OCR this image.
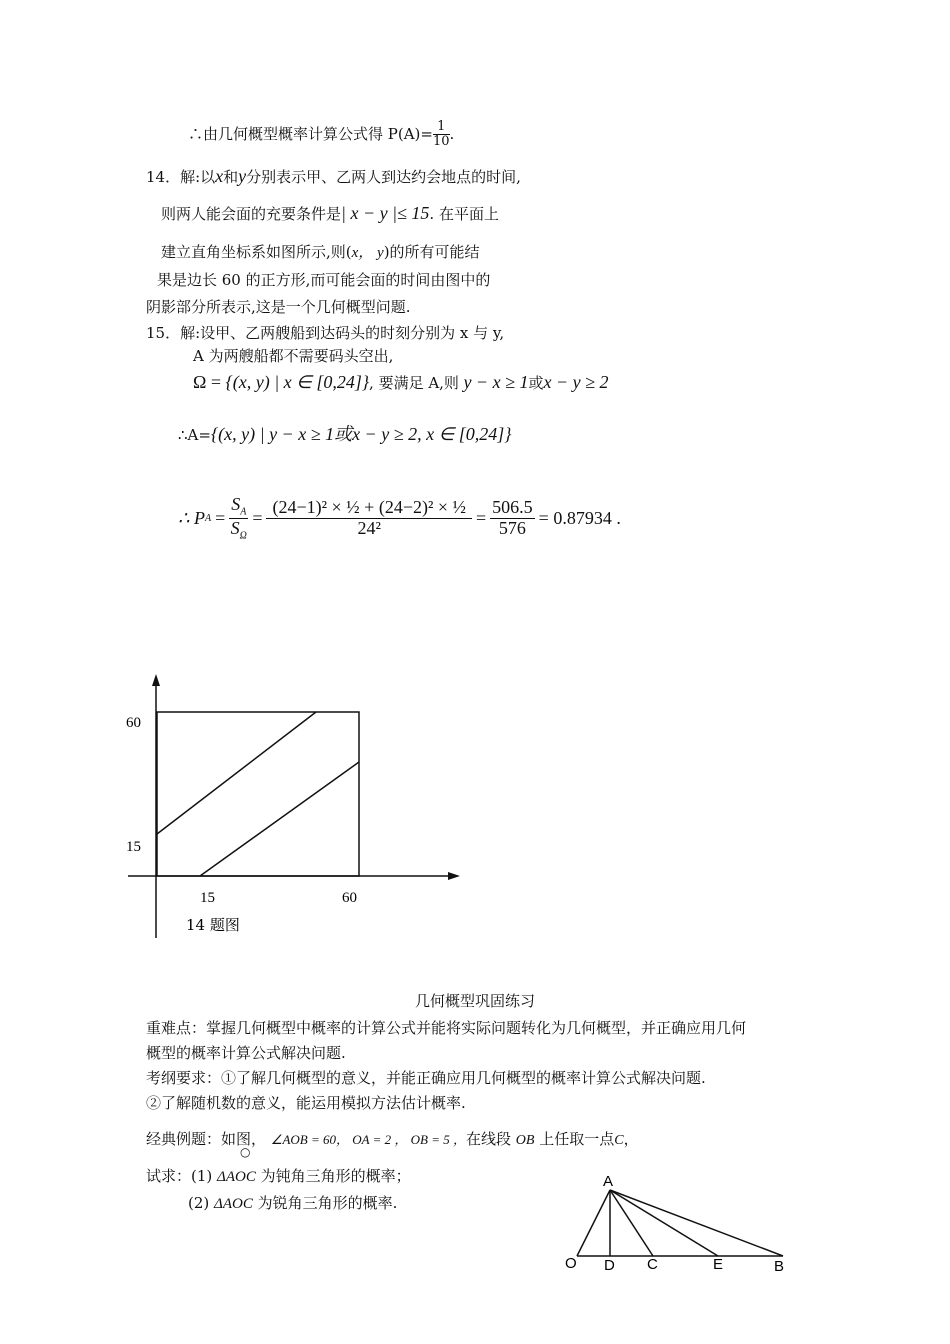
∴由几何概型概率计算公式得 $P(A)= \frac{1}{10}$ .
14．解:以x和y分别表示甲、乙两人到达约会地点的时间,
则两人能会面的充要条件是| x − y |≤ 15. 在平面上
建立直角坐标系如图所示,则(x， y)的所有可能结
果是边长 60 的正方形,而可能会面的时间由图中的
阴影部分所表示,这是一个几何概型问题.
15．解:设甲、乙两艘船到达码头的时刻分别为 x 与 y,
A 为两艘船都不需要码头空出,
Ω = {(x, y) | x ∈ [0,24]}, 要满足 A,则 y − x ≥ 1或x − y ≥ 2
∴A={(x, y) | y − x ≥ 1或x − y ≥ 2, x ∈ [0,24]}
∴ P $A = \frac{S_A}{S_\Omega} = \frac{\text{(24−1)² × ½ + (24−2)² × ½}}{\text{24²}} = \frac{506.5}{576} = 0.87934$ .
60
15
15	60
14 题图
几何概型巩固练习
重难点：掌握几何概型中概率的计算公式并能将实际问题转化为几何概型，并正确应用几何
概型的概率计算公式解决问题.
考纲要求：①了解几何概型的意义，并能正确应用几何概型的概率计算公式解决问题.
②了解随机数的意义，能运用模拟方法估计概率.
经典例题：如图， ∠AOB = 60， OA = 2 ， OB = 5 ，在线段 OB 上任取一点C，
○
试求：(1) ΔAOC 为钝角三角形的概率；
(2) ΔAOC 为锐角三角形的概率.
A
O D C	E	B
